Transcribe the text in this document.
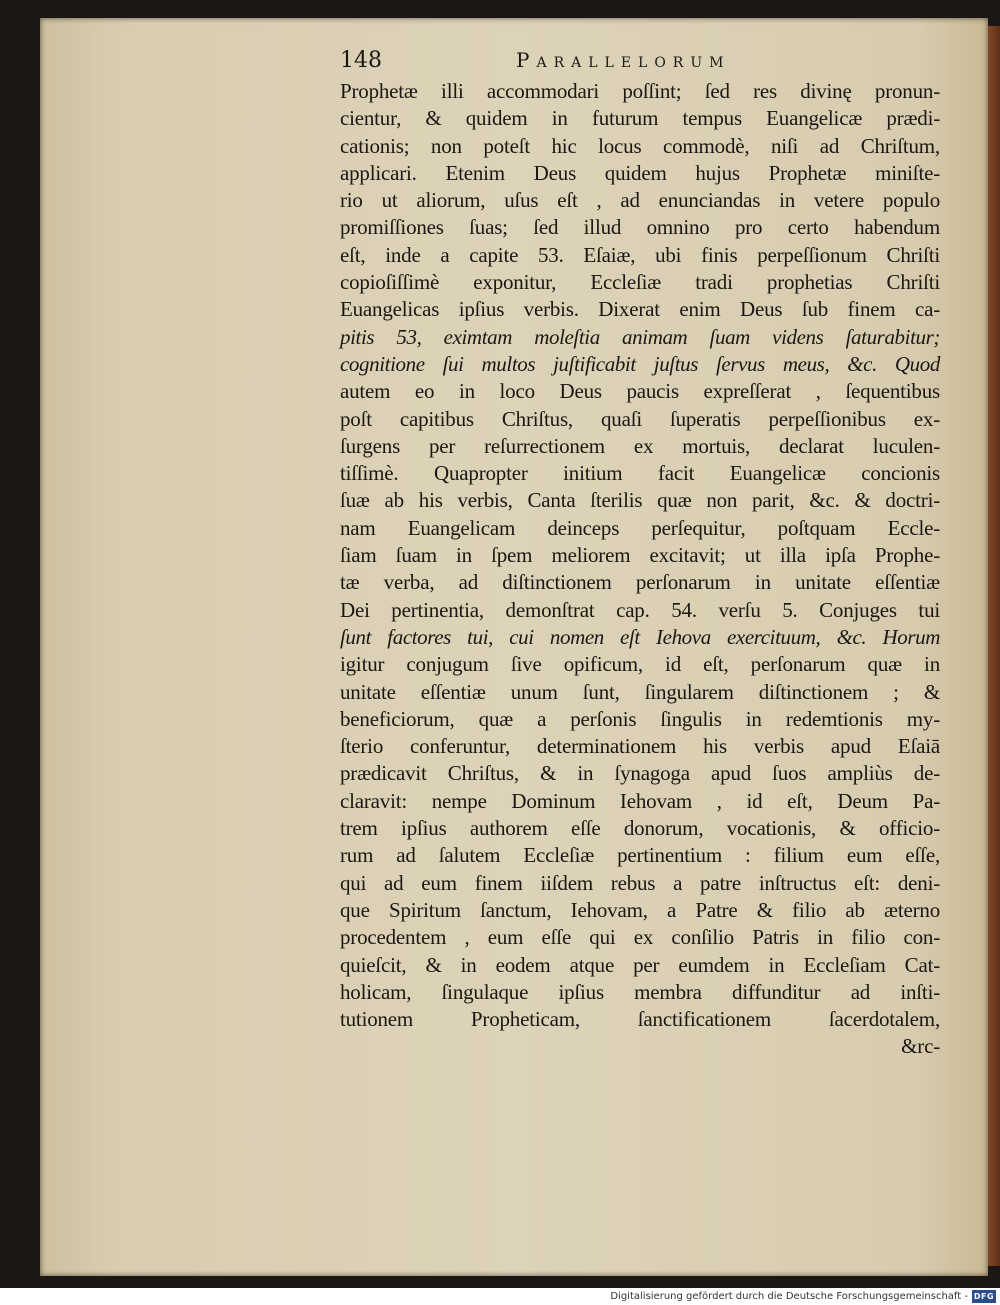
148	Parallelorum
Prophetæ illi accommodari poſſint; ſed res divinę pronun-
cientur, & quidem in futurum tempus Euangelicæ prædi-
cationis; non poteſt hic locus commodè, niſi ad Chriſtum,
applicari. Etenim Deus quidem hujus Prophetæ miniſte-
rio ut aliorum, uſus eſt , ad enunciandas in vetere populo
promiſſiones ſuas; ſed illud omnino pro certo habendum
eſt, inde a capite 53. Eſaiæ, ubi finis perpeſſionum Chriſti
copioſiſſimè exponitur, Eccleſiæ tradi prophetias Chriſti
Euangelicas ipſius verbis. Dixerat enim Deus ſub finem ca-
pitis 53, eximtam moleſtia animam ſuam videns ſaturabitur;
cognitione ſui multos juſtificabit juſtus ſervus meus, &c. Quod
autem eo in loco Deus paucis expreſſerat , ſequentibus
poſt capitibus Chriſtus, quaſi ſuperatis perpeſſionibus ex-
ſurgens per reſurrectionem ex mortuis, declarat luculen-
tiſſimè. Quapropter initium facit Euangelicæ concionis
ſuæ ab his verbis, Canta ſterilis quæ non parit, &c. & doctri-
nam Euangelicam deinceps perſequitur, poſtquam Eccle-
ſiam ſuam in ſpem meliorem excitavit; ut illa ipſa Prophe-
tæ verba, ad diſtinctionem perſonarum in unitate eſſentiæ
Dei pertinentia, demonſtrat cap. 54. verſu 5. Conjuges tui
ſunt factores tui, cui nomen eſt Iehova exercituum, &c. Horum
igitur conjugum ſive opificum, id eſt, perſonarum quæ in
unitate eſſentiæ unum ſunt, ſingularem diſtinctionem ; &
beneficiorum, quæ a perſonis ſingulis in redemtionis my-
ſterio conferuntur, determinationem his verbis apud Eſaiā
prædicavit Chriſtus, & in ſynagoga apud ſuos ampliùs de-
claravit: nempe Dominum Iehovam , id eſt, Deum Pa-
trem ipſius authorem eſſe donorum, vocationis, & officio-
rum ad ſalutem Eccleſiæ pertinentium : filium eum eſſe,
qui ad eum finem iiſdem rebus a patre inſtructus eſt: deni-
que Spiritum ſanctum, Iehovam, a Patre & filio ab æterno
procedentem , eum eſſe qui ex conſilio Patris in filio con-
quieſcit, & in eodem atque per eumdem in Eccleſiam Cat-
holicam, ſingulaque ipſius membra diffunditur ad inſti-
tutionem Propheticam, ſanctificationem ſacerdotalem,
&rc-
Digitalisierung gefördert durch die Deutsche Forschungsgemeinschaft - DFG
